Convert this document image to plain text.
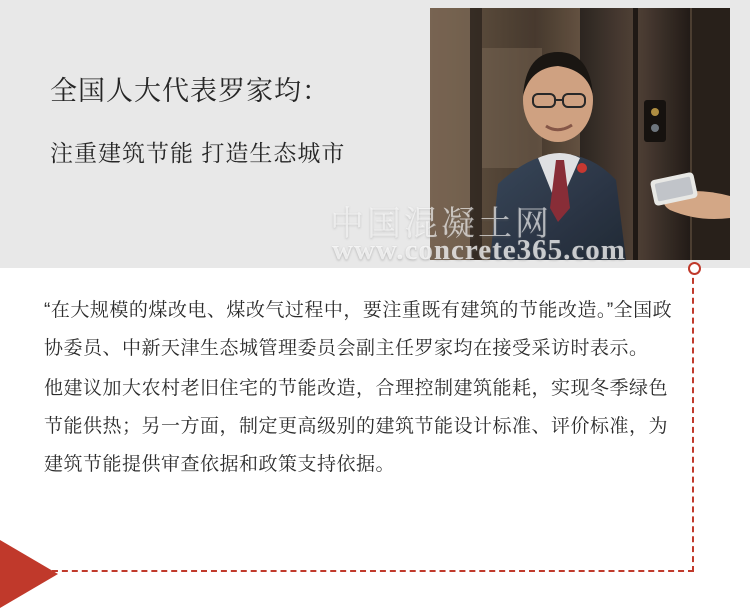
全国人大代表罗家均：
注重建筑节能 打造生态城市
中国混凝土网
www.concrete365.com

“在大规模的煤改电、煤改气过程中，要注重既有建筑的节能改造。”全国政协委员、中新天津生态城管理委员会副主任罗家均在接受采访时表示。

他建议加大农村老旧住宅的节能改造，合理控制建筑能耗，实现冬季绿色节能供热；另一方面，制定更高级别的建筑节能设计标准、评价标准，为建筑节能提供审查依据和政策支持依据。
